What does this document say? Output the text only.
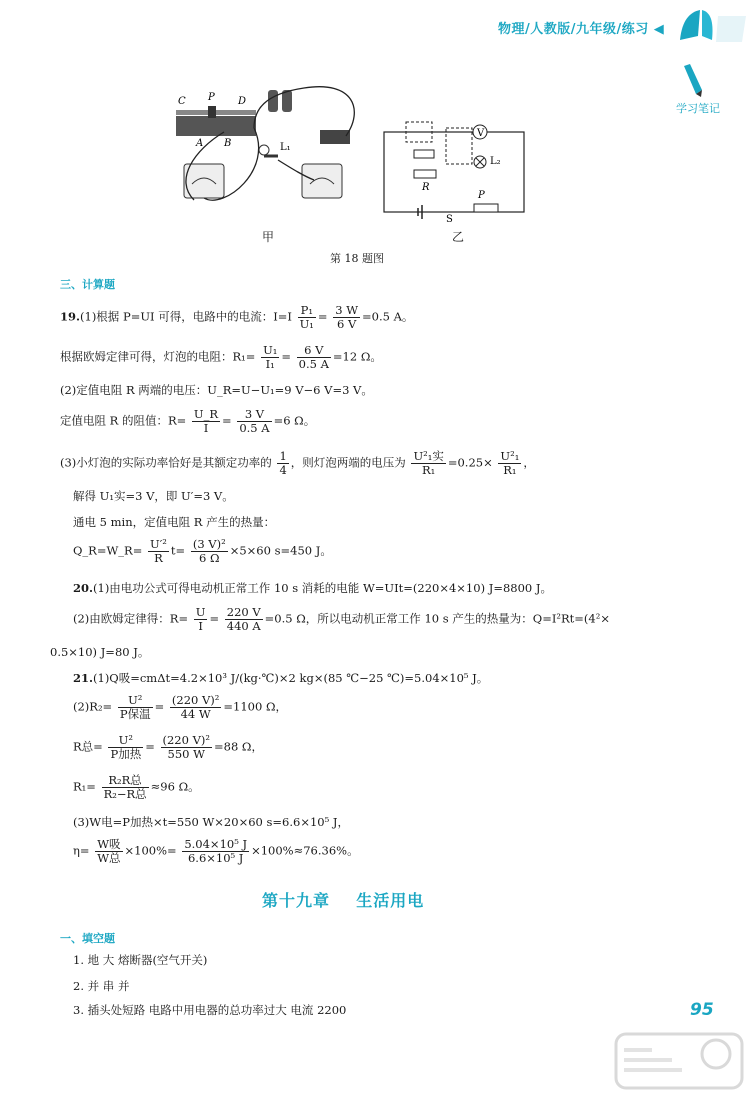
物理/人教版/九年级/练习 ◀
学习笔记
C P D
A B	L₁
V
L₂
R
S
P
甲	乙
第 18 题图
三、计算题
19.(1)根据 P=UI 可得，电路中的电流：$I=I \frac{\text{P₁}}{\text{U₁}} = \frac{3 W}{6 V} =0.5$ A。
根据欧姆定律可得，灯泡的电阻：$R_1= \frac{\text{U₁}}{\text{I₁}} = \frac{6 V}{0.5 A} =12$ Ω。
(2)定值电阻 R 两端的电压：U_R=U−U₁=9 V−6 V=3 V。
定值电阻 R 的阻值：$R= \frac{U\_R}{I} = \frac{3 V}{0.5 A} =6$ Ω。
(3)小灯泡的实际功率恰好是其额定功率的 $\frac{1}{4}$ ，则灯泡两端的电压为 $\frac{\text{U²₁实}}{\text{R₁}} =0.25\times \frac{\text{U²₁}}{\text{R₁}}$ ，
解得 U₁实=3 V，即 U′=3 V。
通电 5 min，定值电阻 R 产生的热量：
Q_R=W_R= $\frac{\text{U′²}}{R} t= \frac{\text{(3 V)²}}{6 \Omega} \times 5\times 60$ s=450 J。
20.(1)由电功公式可得电动机正常工作 10 s 消耗的电能 W=UIt=(220×4×10) J=8800 J。
(2)由欧姆定律得：$R= \frac{U}{I} = \frac{220 V}{440 A} =0.5$ Ω，所以电动机正常工作 10 s 产生的热量为：Q=I²Rt=(4²×
0.5×10) J=80 J。
21.(1)Q吸=cmΔt=4.2×10³ J/(kg·℃)×2 kg×(85 ℃−25 ℃)=5.04×10⁵ J。
$(2)R_2= \frac{\text{U²}}{\text{P保温}} = \frac{\text{(220 V)²}}{44 W} =1100$ Ω，
R总= $\frac{\text{U²}}{\text{P加热}} = \frac{\text{(220 V)²}}{550 W} =88$ Ω，
$R_1= \frac{\text{R₂R总}}{\text{R₂−R总}} \approx 96$ Ω。
(3)W电=P加热×t=550 W×20×60 s=6.6×10⁵ J，
$\eta= \frac{\text{W吸}}{\text{W总}} \times 100\%= \frac{\text{5.04×10⁵ J}}{\text{6.6×10⁵ J}} \times 100\%\approx 76.36\%$。
第十九章    生活用电
一、填空题
1. 地 大 熔断器(空气开关)
2. 并 串 并
3. 插头处短路 电路中用电器的总功率过大 电流 2200	95
